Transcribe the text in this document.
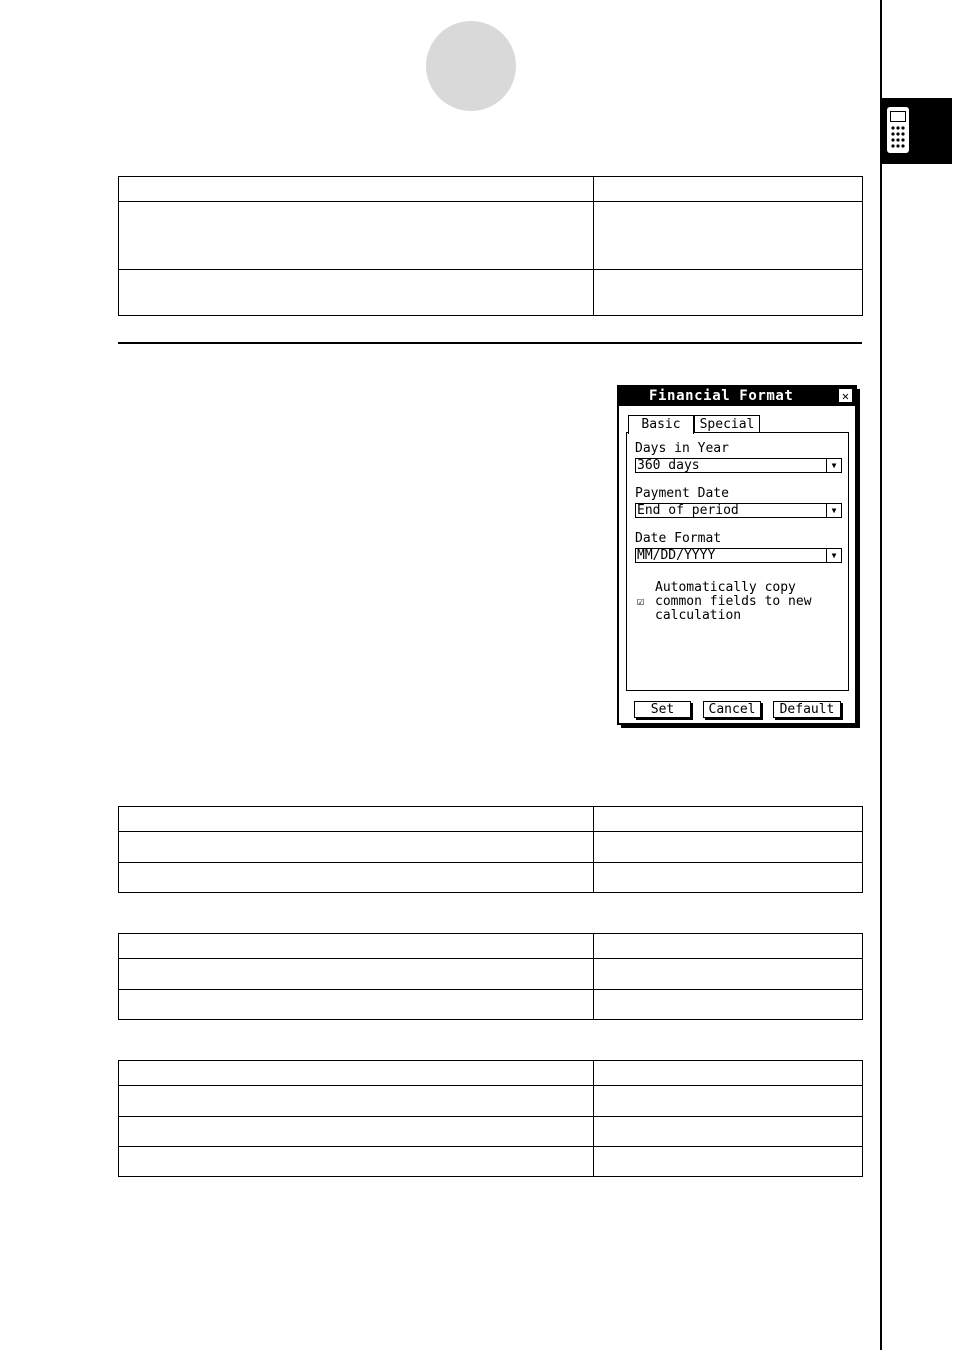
Financial Format	✕
Basic	Special
Days in Year
360 days	▼
Payment Date
End of period	▼
Date Format
MM/DD/YYYY	▼
☑
Automatically copy
common fields to new
calculation
Set	Cancel	Default
